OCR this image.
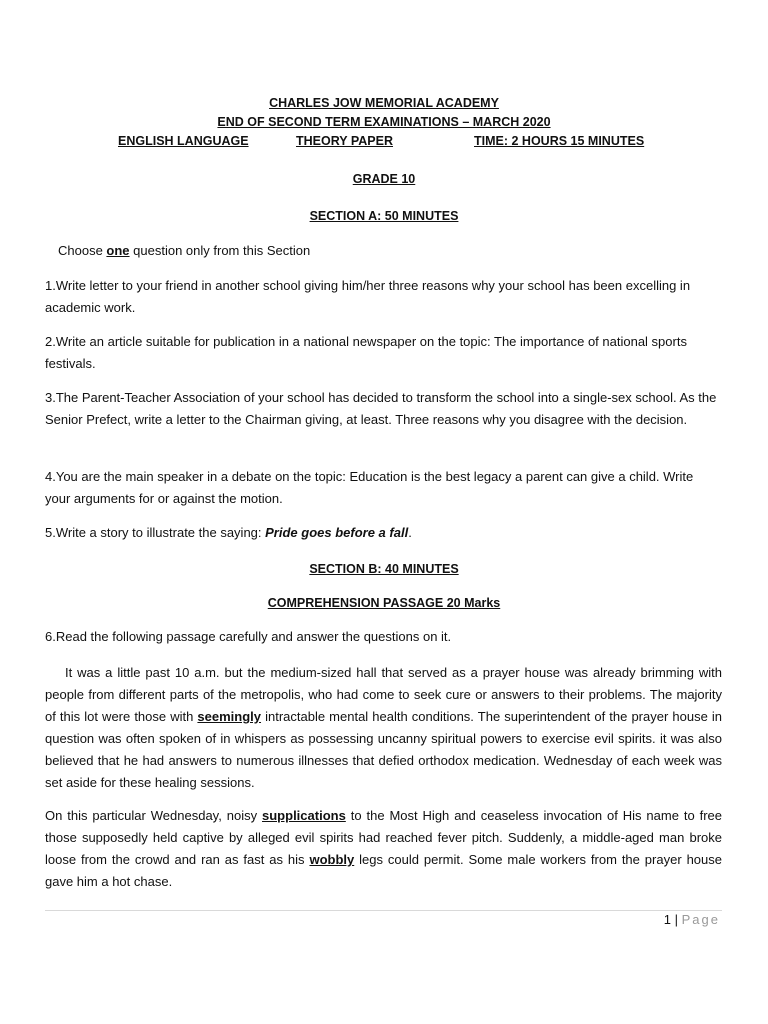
CHARLES JOW MEMORIAL ACADEMY
END OF SECOND TERM EXAMINATIONS – MARCH 2020
ENGLISH LANGUAGE	THEORY PAPER	TIME: 2 HOURS 15 MINUTES
GRADE 10
SECTION A: 50 MINUTES
Choose one question only from this Section
1.Write letter to your friend in another school giving him/her three reasons why your school has been excelling in academic work.
2.Write an article suitable for publication in a national newspaper on the topic: The importance of national sports festivals.
3.The Parent-Teacher Association of your school has decided to transform the school into a single-sex school. As the Senior Prefect, write a letter to the Chairman giving, at least. Three reasons why you disagree with the decision.
4.You are the main speaker in a debate on the topic: Education is the best legacy a parent can give a child. Write your arguments for or against the motion.
5.Write a story to illustrate the saying: Pride goes before a fall.
SECTION B: 40 MINUTES
COMPREHENSION PASSAGE 20 Marks
6.Read the following passage carefully and answer the questions on it.
It was a little past 10 a.m. but the medium-sized hall that served as a prayer house was already brimming with people from different parts of the metropolis, who had come to seek cure or answers to their problems. The majority of this lot were those with seemingly intractable mental health conditions. The superintendent of the prayer house in question was often spoken of in whispers as possessing uncanny spiritual powers to exercise evil spirits. it was also believed that he had answers to numerous illnesses that defied orthodox medication. Wednesday of each week was set aside for these healing sessions.
On this particular Wednesday, noisy supplications to the Most High and ceaseless invocation of His name to free those supposedly held captive by alleged evil spirits had reached fever pitch. Suddenly, a middle-aged man broke loose from the crowd and ran as fast as his wobbly legs could permit. Some male workers from the prayer house gave him a hot chase.
1 | Page
